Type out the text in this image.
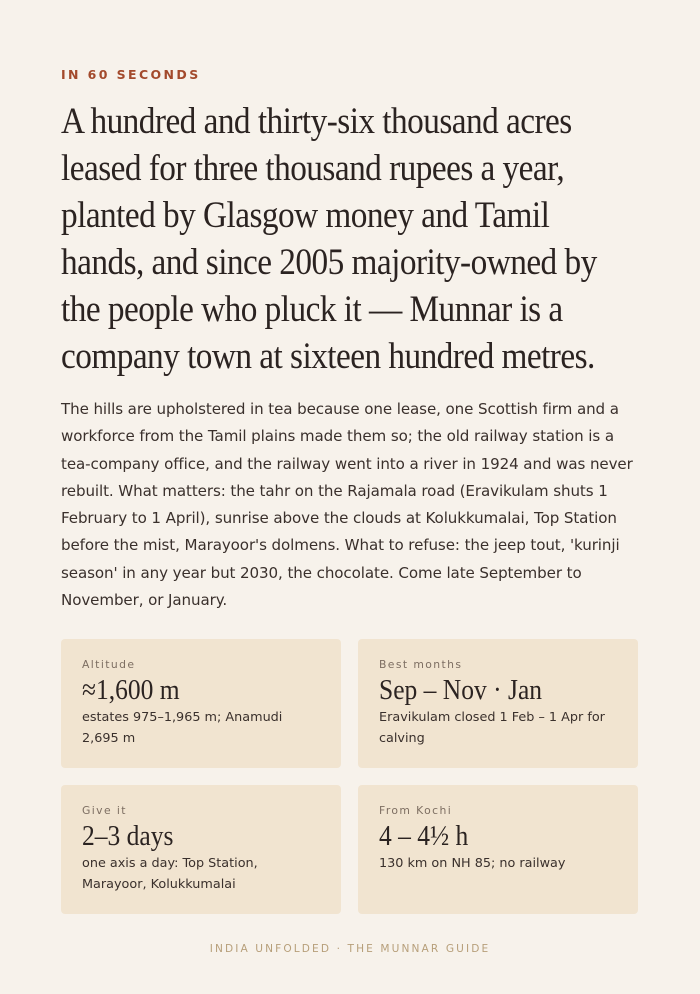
IN 60 SECONDS
A hundred and thirty-six thousand acres leased for three thousand rupees a year, planted by Glasgow money and Tamil hands, and since 2005 majority-owned by the people who pluck it — Munnar is a company town at sixteen hundred metres.

The hills are upholstered in tea because one lease, one Scottish firm and a workforce from the Tamil plains made them so; the old railway station is a tea-company office, and the railway went into a river in 1924 and was never rebuilt. What matters: the tahr on the Rajamala road (Eravikulam shuts 1 February to 1 April), sunrise above the clouds at Kolukkumalai, Top Station before the mist, Marayoor's dolmens. What to refuse: the jeep tout, 'kurinji season' in any year but 2030, the chocolate. Come late September to November, or January.

Altitude
≈1,600 m
estates 975–1,965 m; Anamudi 2,695 m
Best months
Sep – Nov · Jan
Eravikulam closed 1 Feb – 1 Apr for calving
Give it
2–3 days
one axis a day: Top Station, Marayoor, Kolukkumalai
From Kochi
4 – 4½ h
130 km on NH 85; no railway
INDIA UNFOLDED · THE MUNNAR GUIDE
